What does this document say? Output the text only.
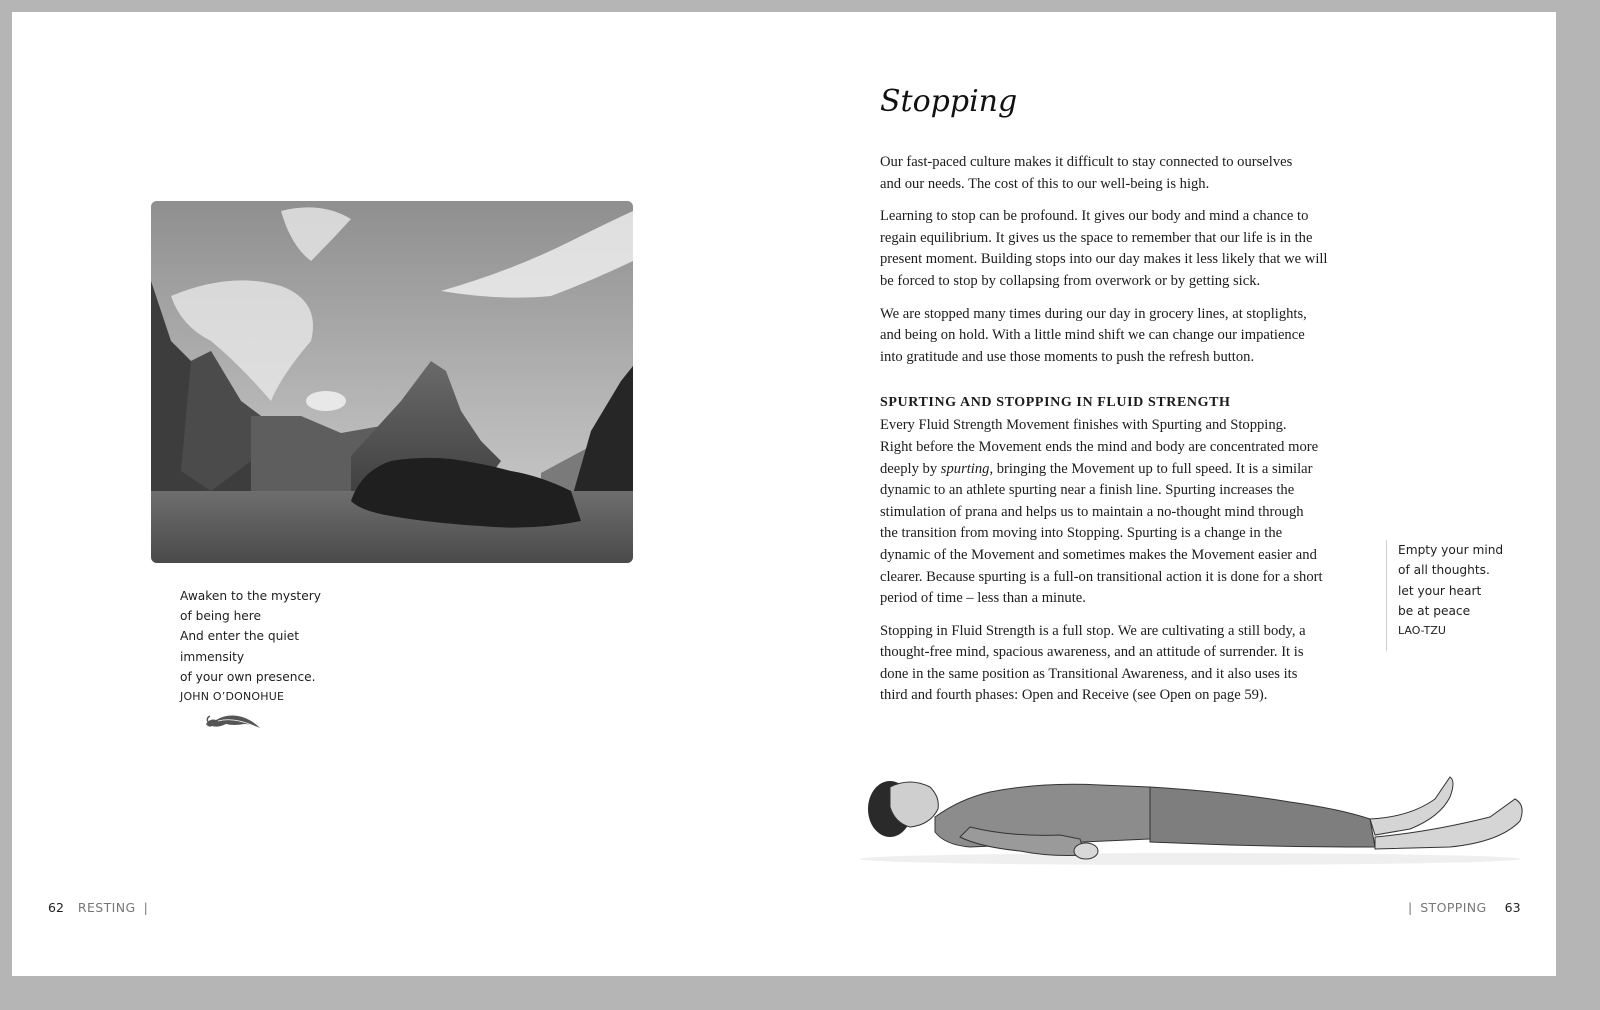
Awaken to the mystery
of being here
And enter the quiet
immensity
of your own presence.
JOHN O’DONOHUE
62 RESTING |
Stopping

Our fast-paced culture makes it difficult to stay connected to ourselves
and our needs. The cost of this to our well-being is high.

Learning to stop can be profound. It gives our body and mind a chance to
regain equilibrium. It gives us the space to remember that our life is in the
present moment. Building stops into our day makes it less likely that we will
be forced to stop by collapsing from overwork or by getting sick.

We are stopped many times during our day in grocery lines, at stoplights,
and being on hold. With a little mind shift we can change our impatience
into gratitude and use those moments to push the refresh button.

SPURTING AND STOPPING IN FLUID STRENGTH

Every Fluid Strength Movement finishes with Spurting and Stopping.
Right before the Movement ends the mind and body are concentrated more
deeply by spurting, bringing the Movement up to full speed. It is a similar
dynamic to an athlete spurting near a finish line. Spurting increases the
stimulation of prana and helps us to maintain a no-thought mind through
the transition from moving into Stopping. Spurting is a change in the
dynamic of the Movement and sometimes makes the Movement easier and
clearer. Because spurting is a full-on transitional action it is done for a short
period of time – less than a minute.

Stopping in Fluid Strength is a full stop. We are cultivating a still body, a
thought-free mind, spacious awareness, and an attitude of surrender. It is
done in the same position as Transitional Awareness, and it also uses its
third and fourth phases: Open and Receive (see Open on page 59).

Empty your mind
of all thoughts.
let your heart
be at peace
LAO-TZU
| STOPPING 63
